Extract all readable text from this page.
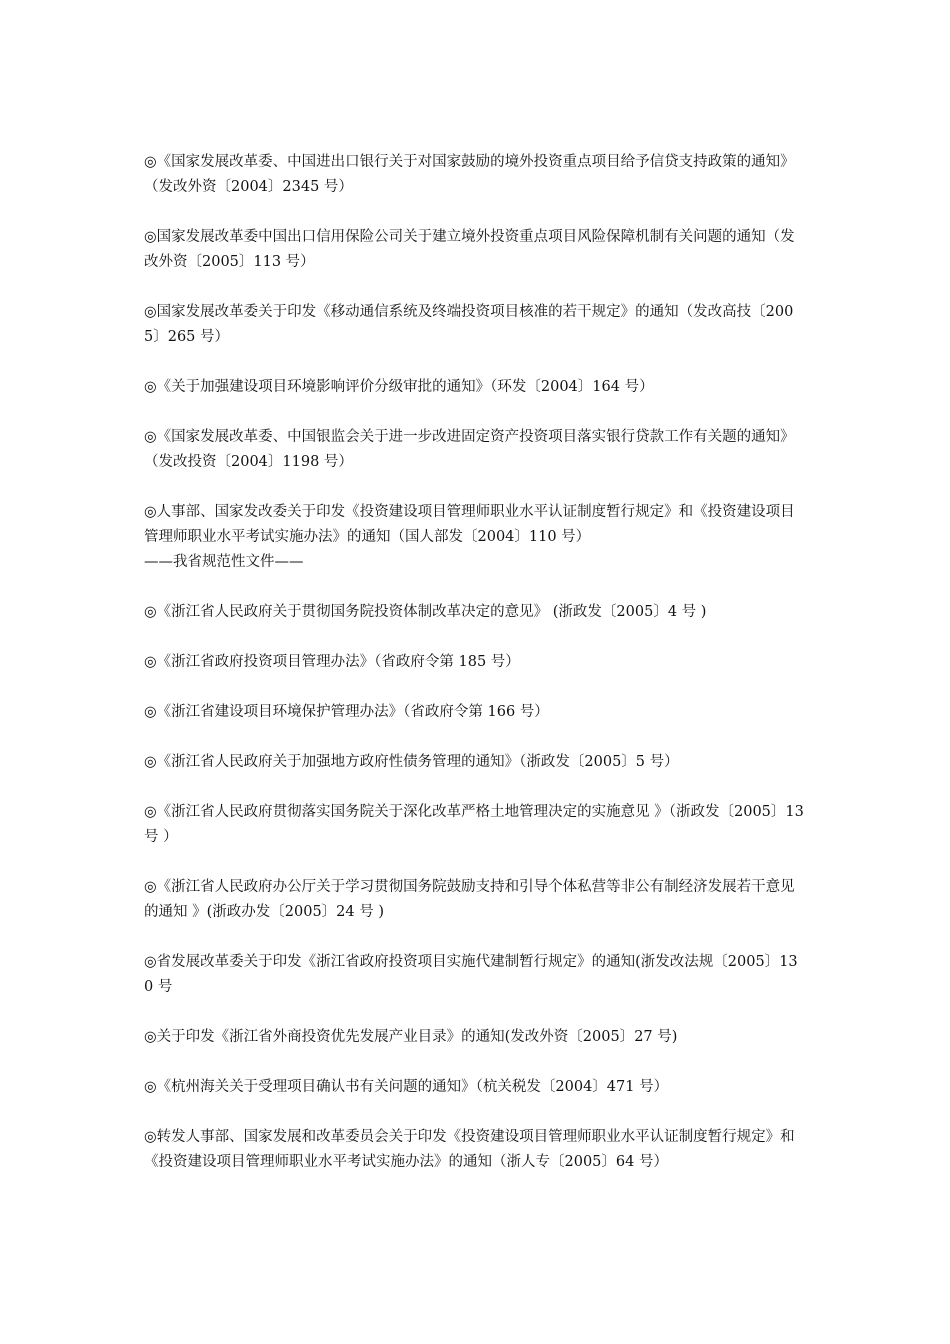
◎《国家发展改革委、中国进出口银行关于对国家鼓励的境外投资重点项目给予信贷支持政策的通知》（发改外资〔2004〕2345 号）

◎国家发展改革委中国出口信用保险公司关于建立境外投资重点项目风险保障机制有关问题的通知（发改外资〔2005〕113 号）

◎国家发展改革委关于印发《移动通信系统及终端投资项目核准的若干规定》的通知（发改高技〔2005〕265 号）

◎《关于加强建设项目环境影响评价分级审批的通知》（环发〔2004〕164 号）

◎《国家发展改革委、中国银监会关于进一步改进固定资产投资项目落实银行贷款工作有关题的通知》（发改投资〔2004〕1198 号）

◎人事部、国家发改委关于印发《投资建设项目管理师职业水平认证制度暂行规定》和《投资建设项目管理师职业水平考试实施办法》的通知（国人部发〔2004〕110 号）

——我省规范性文件——

◎《浙江省人民政府关于贯彻国务院投资体制改革决定的意见》 (浙政发〔2005〕4 号 )

◎《浙江省政府投资项目管理办法》（省政府令第 185 号）

◎《浙江省建设项目环境保护管理办法》（省政府令第 166 号）

◎《浙江省人民政府关于加强地方政府性债务管理的通知》（浙政发〔2005〕5 号）

◎《浙江省人民政府贯彻落实国务院关于深化改革严格土地管理决定的实施意见 》（浙政发〔2005〕13 号 ）

◎《浙江省人民政府办公厅关于学习贯彻国务院鼓励支持和引导个体私营等非公有制经济发展若干意见的通知 》(浙政办发〔2005〕24 号 )

◎省发展改革委关于印发《浙江省政府投资项目实施代建制暂行规定》的通知(浙发改法规〔2005〕130 号

◎关于印发《浙江省外商投资优先发展产业目录》的通知(发改外资〔2005〕27 号)

◎《杭州海关关于受理项目确认书有关问题的通知》（杭关税发〔2004〕471 号）

◎转发人事部、国家发展和改革委员会关于印发《投资建设项目管理师职业水平认证制度暂行规定》和《投资建设项目管理师职业水平考试实施办法》的通知（浙人专〔2005〕64 号）
